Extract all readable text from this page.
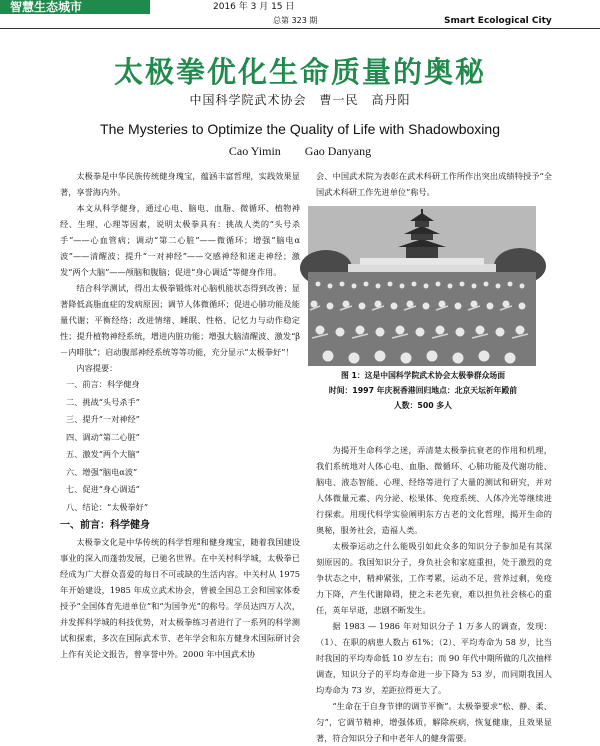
智慧生态城市	2016 年 3 月 15 日
总第 323 期	Smart Ecological City
太极拳优化生命质量的奥秘
中国科学院武术协会　曹一民　高丹阳
The Mysteries to Optimize the Quality of Life with Shadowboxing
Cao Yimin　　Gao Danyang

太极拳是中华民族传统健身瑰宝，蕴涵丰富哲理，实践效果显著，享誉海内外。

本文从科学健身，通过心电、脑电、血脂、微循环、植物神经、生理、心理等因素，说明太极拳具有：挑战人类的“头号杀手”——心血管病；调动“第二心脏”——微循环；增强“脑电α波”——清醒波；提升“一对神经”——交感神经和迷走神经；激发“两个大脑”——颅脑和腹脑；促进“身心调适”等健身作用。

结合科学测试，得出太极拳锻炼对心脑机能状态得到改善；显著降低高脂血症的发病原因；调节人体微循环；促进心肺功能及能量代谢；平衡经络；改进情绪、睡眠、性格、记忆力与动作稳定性；提升植物神经系统，增进内脏功能；增强大脑清醒波、激发“β－内啡肽”；启动腹部神经系统等等功能，充分显示“太极拳好”！

内容提要：

一、前言：科学健身
二、挑战“头号杀手”
三、提升“一对神经”
四、调动“第二心脏”
五、激发“两个大脑”
六、增强“脑电α波”
七、促进“身心调适”
八、结论：“太极拳好”

一、前言：科学健身

太极拳文化是中华传统的科学哲理和健身瑰宝，随着我国建设事业的深入而蓬勃发展，已驰名世界。在中关村科学城，太极拳已经成为广大群众喜爱的每日不可或缺的生活内容。中关村从 1975 年开始建设，1985 年成立武术协会，曾被全国总工会和国家体委授予“全国体育先进单位”和“为国争光”的称号。学员达四万人次，并发挥科学城的科技优势，对太极拳练习者进行了一系列的科学测试和探索，多次在国际武术节、老年学会和东方健身术国际研讨会上作有关论文报告，曾享誉中外。2000 年中国武术协

会、中国武术院为表彰在武术科研工作所作出突出成绩特授予“全国武术科研工作先进单位”称号。

图 1：这是中国科学院武术协会太极拳群众场面
时间：1997 年庆祝香港回归地点：北京天坛祈年殿前
人数：500 多人

为揭开生命科学之迷，弄清楚太极拳抗衰老的作用和机理，我们系统地对人体心电、血脂、微循环、心肺功能及代谢功能、脑电、液态智能、心理、经络等进行了大量的测试和研究，并对人体微量元素、内分泌、松果体、免疫系统、人体冷光等继续进行探索。用现代科学实验阐明东方古老的文化哲理，揭开生命的奥秘，服务社会，造福人类。

太极拳运动之什么能吸引如此众多的知识分子参加是有其深刻原因的。我国知识分子，身负社会和家庭重担，处于激烈的竞争状态之中，精神紧张，工作考累，运动不足，营养过剩，免疫力下降，产生代谢障碍，使之未老先衰，难以担负社会核心的重任，英年早逝，悲剧不断发生。

据 1983 — 1986 年对知识分子 1 万多人的调查，发现：（1）、在职的病患人数占 61%；（2）、平均寿命为 58 岁，比当时我国的平均寿命低 10 岁左右；而 90 年代中期所做的几次抽样调查，知识分子的平均寿命进一步下降为 53 岁，而同期我国人均寿命为 73 岁，差距拉得更大了。

“生命在于自身节律的调节平衡”。太极拳要求“松、静、柔、匀”，它调节精神，增强体质，解除疾病，恢复健康，且效果显著，符合知识分子和中老年人的健身需要。
